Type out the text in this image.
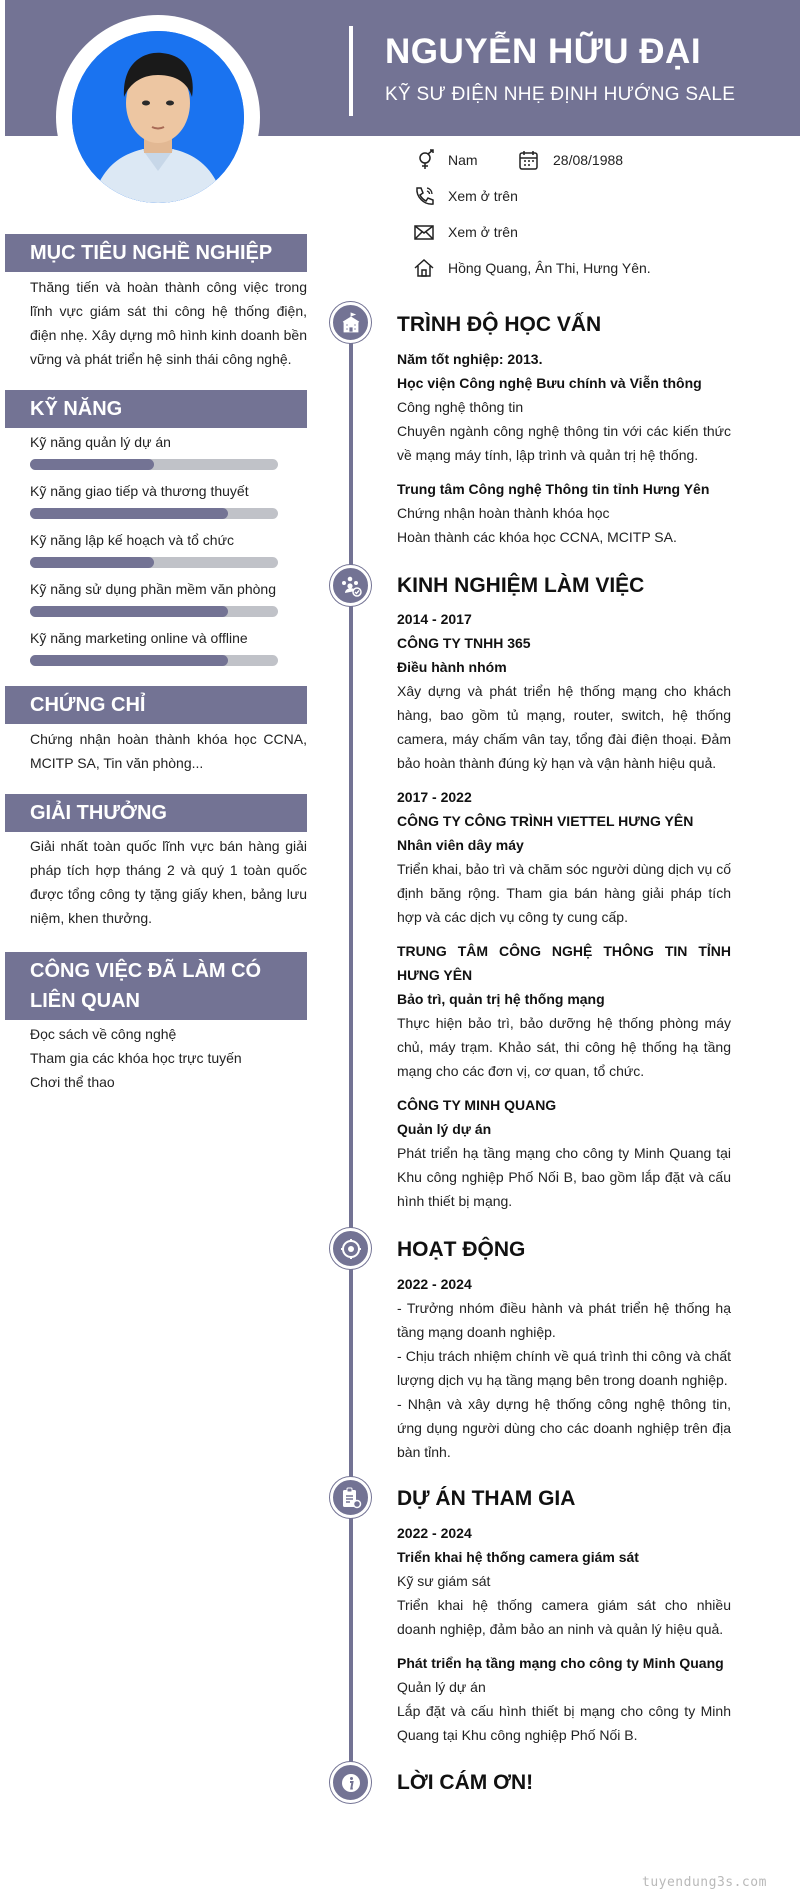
NGUYỄN HỮU ĐẠI
KỸ SƯ ĐIỆN NHẸ ĐỊNH HƯỚNG SALE
Nam	28/08/1988
Xem ở trên
Xem ở trên
Hồng Quang, Ân Thi, Hưng Yên.
MỤC TIÊU NGHỀ NGHIỆP
Thăng tiến và hoàn thành công việc trong lĩnh vực giám sát thi công hệ thống điện, điện nhẹ. Xây dựng mô hình kinh doanh bền vững và phát triển hệ sinh thái công nghệ.
KỸ NĂNG
Kỹ năng quản lý dự án
Kỹ năng giao tiếp và thương thuyết
Kỹ năng lập kế hoạch và tổ chức
Kỹ năng sử dụng phần mềm văn phòng
Kỹ năng marketing online và offline
CHỨNG CHỈ
Chứng nhận hoàn thành khóa học CCNA, MCITP SA, Tin văn phòng...
GIẢI THƯỞNG
Giải nhất toàn quốc lĩnh vực bán hàng giải pháp tích hợp tháng 2 và quý 1 toàn quốc được tổng công ty tặng giấy khen, bảng lưu niệm, khen thưởng.
CÔNG VIỆC ĐÃ LÀM CÓ LIÊN QUAN
Đọc sách về công nghệ
Tham gia các khóa học trực tuyến
Chơi thể thao
TRÌNH ĐỘ HỌC VẤN
Năm tốt nghiệp: 2013.
Học viện Công nghệ Bưu chính và Viễn thông
Công nghệ thông tin
Chuyên ngành công nghệ thông tin với các kiến thức về mạng máy tính, lập trình và quản trị hệ thống.
Trung tâm Công nghệ Thông tin tỉnh Hưng Yên
Chứng nhận hoàn thành khóa học
Hoàn thành các khóa học CCNA, MCITP SA.
KINH NGHIỆM LÀM VIỆC
2014 - 2017
CÔNG TY TNHH 365
Điều hành nhóm
Xây dựng và phát triển hệ thống mạng cho khách hàng, bao gồm tủ mạng, router, switch, hệ thống camera, máy chấm vân tay, tổng đài điện thoại. Đảm bảo hoàn thành đúng kỳ hạn và vận hành hiệu quả.
2017 - 2022
CÔNG TY CÔNG TRÌNH VIETTEL HƯNG YÊN
Nhân viên dây máy
Triển khai, bảo trì và chăm sóc người dùng dịch vụ cố định băng rộng. Tham gia bán hàng giải pháp tích hợp và các dịch vụ công ty cung cấp.
TRUNG TÂM CÔNG NGHỆ THÔNG TIN TỈNH HƯNG YÊN
Bảo trì, quản trị hệ thống mạng
Thực hiện bảo trì, bảo dưỡng hệ thống phòng máy chủ, máy trạm. Khảo sát, thi công hệ thống hạ tầng mạng cho các đơn vị, cơ quan, tổ chức.
CÔNG TY MINH QUANG
Quản lý dự án
Phát triển hạ tầng mạng cho công ty Minh Quang tại Khu công nghiệp Phố Nối B, bao gồm lắp đặt và cấu hình thiết bị mạng.
HOẠT ĐỘNG
2022 - 2024
- Trưởng nhóm điều hành và phát triển hệ thống hạ tầng mạng doanh nghiệp.
- Chịu trách nhiệm chính về quá trình thi công và chất lượng dịch vụ hạ tầng mạng bên trong doanh nghiệp.
- Nhận và xây dựng hệ thống công nghệ thông tin, ứng dụng người dùng cho các doanh nghiệp trên địa bàn tỉnh.
DỰ ÁN THAM GIA
2022 - 2024
Triển khai hệ thống camera giám sát
Kỹ sư giám sát
Triển khai hệ thống camera giám sát cho nhiều doanh nghiệp, đảm bảo an ninh và quản lý hiệu quả.
Phát triển hạ tầng mạng cho công ty Minh Quang
Quản lý dự án
Lắp đặt và cấu hình thiết bị mạng cho công ty Minh Quang tại Khu công nghiệp Phố Nối B.
LỜI CÁM ƠN!
tuyendung3s.com
